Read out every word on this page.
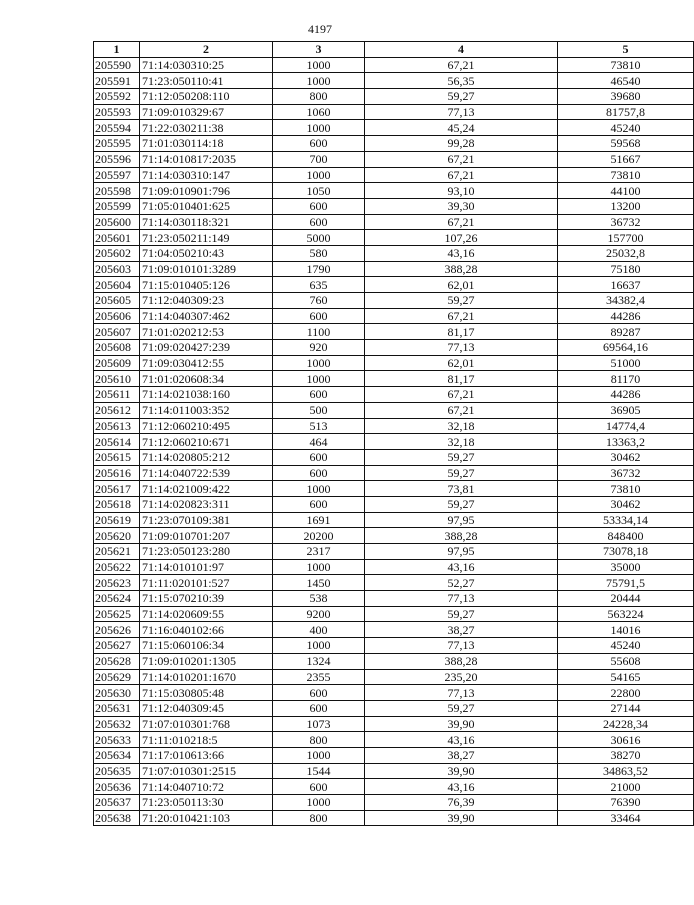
4197
1	2	3	4	5
205590	71:14:030310:25	1000	67,21	73810
205591	71:23:050110:41	1000	56,35	46540
205592	71:12:050208:110	800	59,27	39680
205593	71:09:010329:67	1060	77,13	81757,8
205594	71:22:030211:38	1000	45,24	45240
205595	71:01:030114:18	600	99,28	59568
205596	71:14:010817:2035	700	67,21	51667
205597	71:14:030310:147	1000	67,21	73810
205598	71:09:010901:796	1050	93,10	44100
205599	71:05:010401:625	600	39,30	13200
205600	71:14:030118:321	600	67,21	36732
205601	71:23:050211:149	5000	107,26	157700
205602	71:04:050210:43	580	43,16	25032,8
205603	71:09:010101:3289	1790	388,28	75180
205604	71:15:010405:126	635	62,01	16637
205605	71:12:040309:23	760	59,27	34382,4
205606	71:14:040307:462	600	67,21	44286
205607	71:01:020212:53	1100	81,17	89287
205608	71:09:020427:239	920	77,13	69564,16
205609	71:09:030412:55	1000	62,01	51000
205610	71:01:020608:34	1000	81,17	81170
205611	71:14:021038:160	600	67,21	44286
205612	71:14:011003:352	500	67,21	36905
205613	71:12:060210:495	513	32,18	14774,4
205614	71:12:060210:671	464	32,18	13363,2
205615	71:14:020805:212	600	59,27	30462
205616	71:14:040722:539	600	59,27	36732
205617	71:14:021009:422	1000	73,81	73810
205618	71:14:020823:311	600	59,27	30462
205619	71:23:070109:381	1691	97,95	53334,14
205620	71:09:010701:207	20200	388,28	848400
205621	71:23:050123:280	2317	97,95	73078,18
205622	71:14:010101:97	1000	43,16	35000
205623	71:11:020101:527	1450	52,27	75791,5
205624	71:15:070210:39	538	77,13	20444
205625	71:14:020609:55	9200	59,27	563224
205626	71:16:040102:66	400	38,27	14016
205627	71:15:060106:34	1000	77,13	45240
205628	71:09:010201:1305	1324	388,28	55608
205629	71:14:010201:1670	2355	235,20	54165
205630	71:15:030805:48	600	77,13	22800
205631	71:12:040309:45	600	59,27	27144
205632	71:07:010301:768	1073	39,90	24228,34
205633	71:11:010218:5	800	43,16	30616
205634	71:17:010613:66	1000	38,27	38270
205635	71:07:010301:2515	1544	39,90	34863,52
205636	71:14:040710:72	600	43,16	21000
205637	71:23:050113:30	1000	76,39	76390
205638	71:20:010421:103	800	39,90	33464
